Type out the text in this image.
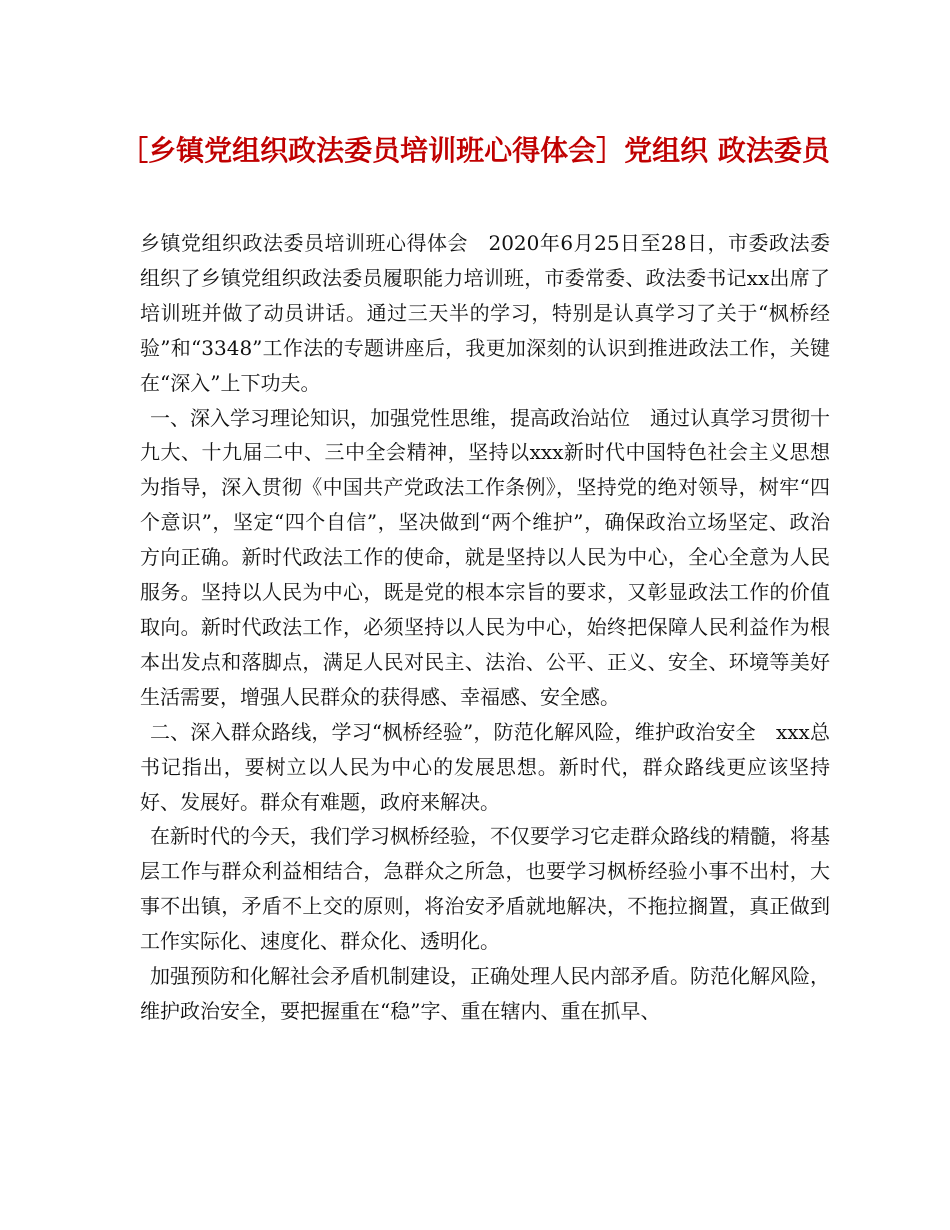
［乡镇党组织政法委员培训班心得体会］党组织 政法委员

乡镇党组织政法委员培训班心得体会　2020年6月25日至28日，市委政法委组织了乡镇党组织政法委员履职能力培训班，市委常委、政法委书记xx出席了培训班并做了动员讲话。通过三天半的学习，特别是认真学习了关于“枫桥经验”和“3348”工作法的专题讲座后，我更加深刻的认识到推进政法工作，关键在“深入”上下功夫。

一、深入学习理论知识，加强党性思维，提高政治站位　通过认真学习贯彻十九大、十九届二中、三中全会精神，坚持以xxx新时代中国特色社会主义思想为指导，深入贯彻《中国共产党政法工作条例》，坚持党的绝对领导，树牢“四个意识”，坚定“四个自信”，坚决做到“两个维护”，确保政治立场坚定、政治方向正确。新时代政法工作的使命，就是坚持以人民为中心，全心全意为人民服务。坚持以人民为中心，既是党的根本宗旨的要求，又彰显政法工作的价值取向。新时代政法工作，必须坚持以人民为中心，始终把保障人民利益作为根本出发点和落脚点，满足人民对民主、法治、公平、正义、安全、环境等美好生活需要，增强人民群众的获得感、幸福感、安全感。

二、深入群众路线，学习“枫桥经验”，防范化解风险，维护政治安全　xxx总书记指出，要树立以人民为中心的发展思想。新时代，群众路线更应该坚持好、发展好。群众有难题，政府来解决。

在新时代的今天，我们学习枫桥经验，不仅要学习它走群众路线的精髓，将基层工作与群众利益相结合，急群众之所急，也要学习枫桥经验小事不出村，大事不出镇，矛盾不上交的原则，将治安矛盾就地解决，不拖拉搁置，真正做到工作实际化、速度化、群众化、透明化。

加强预防和化解社会矛盾机制建设，正确处理人民内部矛盾。防范化解风险，维护政治安全，要把握重在“稳”字、重在辖内、重在抓早、
